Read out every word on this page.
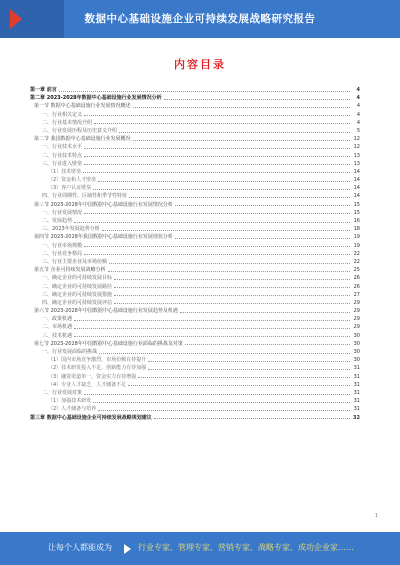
数据中心基础设施企业可持续发展战略研究报告
内容目录
第一章 前言	4
第二章 2023-2028年数据中心基础设施行业发展情况分析	4
第一节 数据中心基础设施行业发展情况概述	4
一、行业相关定义	4
二、行业基本情况介绍	4
三、行业发展历程及历史意义介绍	5
第二节 我国数据中心基础设施行业发展概况	12
一、行业技术水平	12
二、行业技术特点	13
三、行业进入壁垒	13
（1）技术壁垒	14
（2）资金和人才壁垒	14
（3）客户认证壁垒	14
四、行业周期性、区域性和季节性特征	14
第三节 2023-2028年中国数据中心基础设施行业发展情况分析	15
一、行业发展情况	15
二、发展趋势	16
三、2023年发展趋势分析	18
第四节 2023-2028年我国数据中心基础设施行业发展现状分析	19
一、行业市场规模	19
二、行业竞争格局	22
三、行业主要企业及市场份额	22
第五节 企业可持续发展战略分析	25
一、确定企业的可持续发展目标	26
二、确定企业的可持续发展路径	26
三、确定企业的可持续发展措施	27
四、确定企业的可持续发展评估	29
第六节 2023-2028年中国数据中心基础设施行业发展趋势及机遇	29
一、政策机遇	29
二、市场机遇	29
三、技术机遇	30
第七节 2023-2028年中国数据中心基础设施行业面临的挑战及对策	30
一、行业发展面临的挑战	30
（1）国内市场竞争激烈，市场份额有待提升	30
（2）技术研发投入不足，创新能力有待加强	31
（3）融资渠道单一，资金实力有待增强	31
（4）专业人才缺乏，人才储备不足	31
二、行业发展对策	31
（1）加强技术研发	31
（2）人才储备与培养	31
第三章 数据中心基础设施企业可持续发展战略规划建议	32
1
让每个人都能成为	行业专家、管理专家、营销专家、战略专家、成功企业家……
